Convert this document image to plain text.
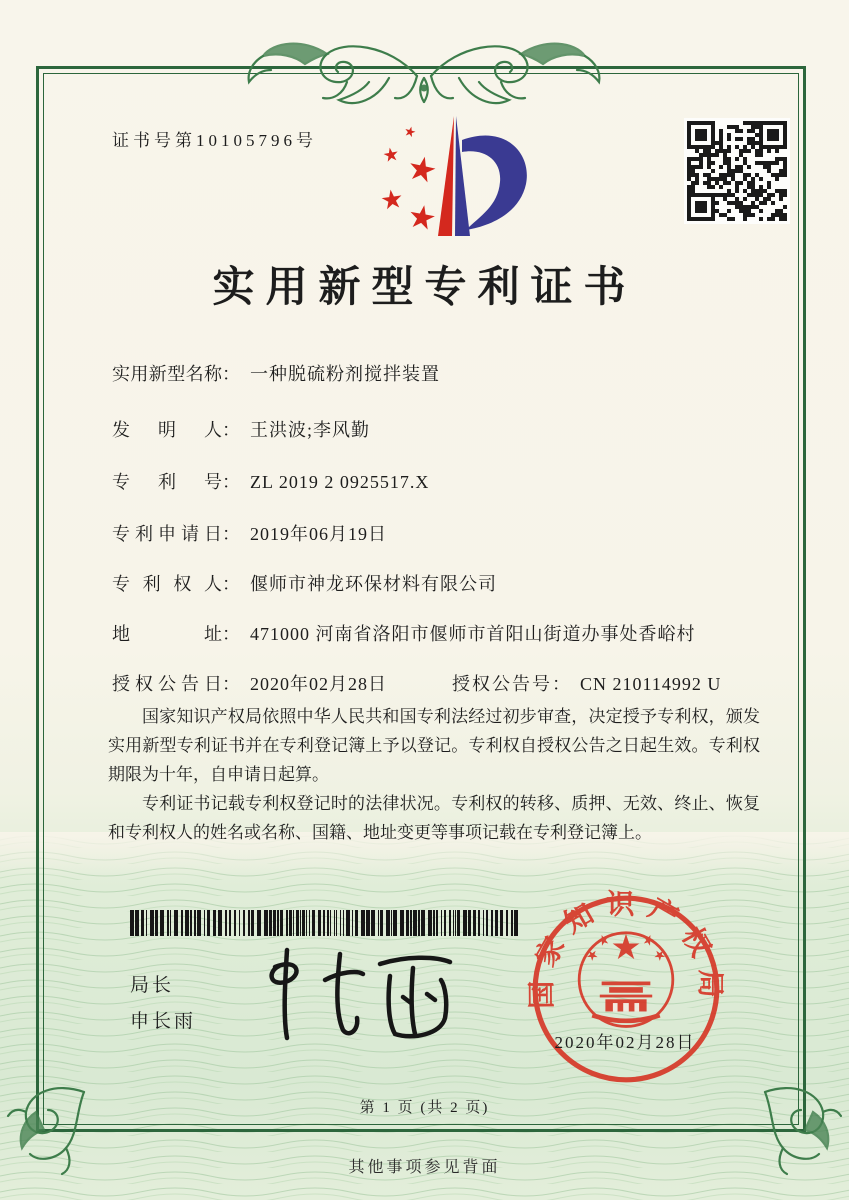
证书号第10105796号
实用新型专利证书
实用新型名称： 一种脱硫粉剂搅拌装置
发明人： 王洪波;李风勤
专利号： ZL 2019 2 0925517.X
专利申请日： 2019年06月19日
专利权人： 偃师市神龙环保材料有限公司
地址： 471000 河南省洛阳市偃师市首阳山街道办事处香峪村
授权公告日： 2020年02月28日	授权公告号： CN 210114992 U

国家知识产权局依照中华人民共和国专利法经过初步审查，决定授予专利权，颁发实用新型专利证书并在专利登记簿上予以登记。专利权自授权公告之日起生效。专利权期限为十年，自申请日起算。

专利证书记载专利权登记时的法律状况。专利权的转移、质押、无效、终止、恢复和专利权人的姓名或名称、国籍、地址变更等事项记载在专利登记簿上。

局长
申长雨
国家知识产权局
2020年02月28日
第 1 页 (共 2 页)
其他事项参见背面
